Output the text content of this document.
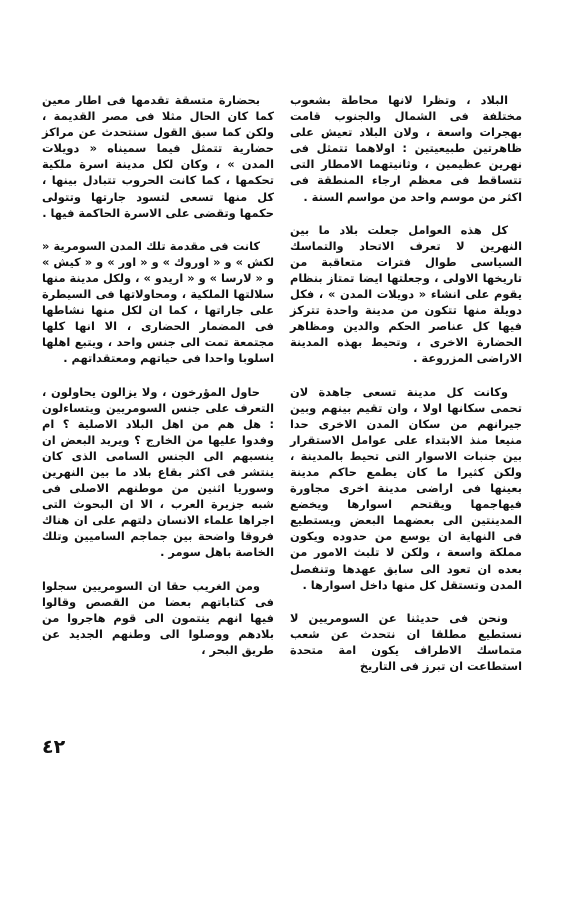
البلاد ، وتظرا لانها محاطة بشعوب مختلفة فى الشمال والجنوب قامت بهجرات واسعة ، ولان البلاد تعيش على ظاهرتين طبيعيتين : اولاهما تتمثل فى نهرين عظيمين ، وثانيتهما الامطار التى تتساقط فى معظم ارجاء المنطقة فى اكثر من موسم واحد من مواسم السنة .

كل هذه العوامل جعلت بلاد ما بين النهرين لا تعرف الاتحاد والتماسك السياسى طوال فترات متعاقبة من تاريخها الاولى ، وجعلتها ايضا تمتاز بنظام يقوم على انشاء « دويلات المدن » ، فكل دويلة منها تتكون من مدينة واحدة تتركز فيها كل عناصر الحكم والدين ومظاهر الحضارة الاخرى ، وتحيط بهذه المدينة الاراضى المزروعة .

وكانت كل مدينة تسعى جاهدة لان تحمى سكانها اولا ، وان تقيم بينهم وبين جيرانهم من سكان المدن الاخرى حدا منيعا منذ الابتداء على عوامل الاستقرار بين جنبات الاسوار التى تحيط بالمدينة ، ولكن كثيرا ما كان يطمع حاكم مدينة بعينها فى اراضى مدينة اخرى مجاورة فيهاجمها ويقتحم اسوارها ويخضع المدينتين الى بعضهما البعض ويستطيع فى النهاية ان يوسع من حدوده ويكون مملكة واسعة ، ولكن لا تلبث الامور من بعده ان تعود الى سابق عهدها وتنفصل المدن وتستقل كل منها داخل اسوارها .

ونحن فى حديثنا عن السومريين لا نستطيع مطلقا ان نتحدث عن شعب متماسك الاطراف يكون امة متحدة استطاعت ان تبرز فى التاريخ

بحضارة متسقة تقدمها فى اطار معين كما كان الحال مثلا فى مصر القديمة ، ولكن كما سبق القول سنتحدث عن مراكز حضارية تتمثل فيما سميناه « دويلات المدن » ، وكان لكل مدينة اسرة ملكية تحكمها ، كما كانت الحروب تتبادل بينها ، كل منها تسعى لتسود جارتها وتتولى حكمها وتقضى على الاسرة الحاكمة فيها .

كانت فى مقدمة تلك المدن السومرية « لكش » و « اوروك » و « اور » و « كيش » و « لارسا » و « اريدو » ، ولكل مدينة منها سلالتها الملكية ، ومحاولاتها فى السيطرة على جاراتها ، كما ان لكل منها نشاطها فى المضمار الحضارى ، الا انها كلها مجتمعة تمت الى جنس واحد ، ويتبع اهلها اسلوبا واحدا فى حياتهم ومعتقداتهم .

حاول المؤرخون ، ولا يزالون يحاولون ، التعرف على جنس السومريين ويتساءلون : هل هم من اهل البلاد الاصلية ؟ ام وفدوا عليها من الخارج ؟ ويريد البعض ان ينسبهم الى الجنس السامى الذى كان ينتشر فى اكثر بقاع بلاد ما بين النهرين وسوريا اثنين من موطنهم الاصلى فى شبه جزيرة العرب ، الا ان البحوث التى اجراها علماء الانسان دلتهم على ان هناك فروقا واضحة بين جماجم الساميين وتلك الخاصة باهل سومر .

ومن الغريب حقا ان السومريين سجلوا فى كتاباتهم بعضا من القصص وقالوا فيها انهم ينتمون الى قوم هاجروا من بلادهم ووصلوا الى وطنهم الجديد عن طريق البحر ،

٤٢
